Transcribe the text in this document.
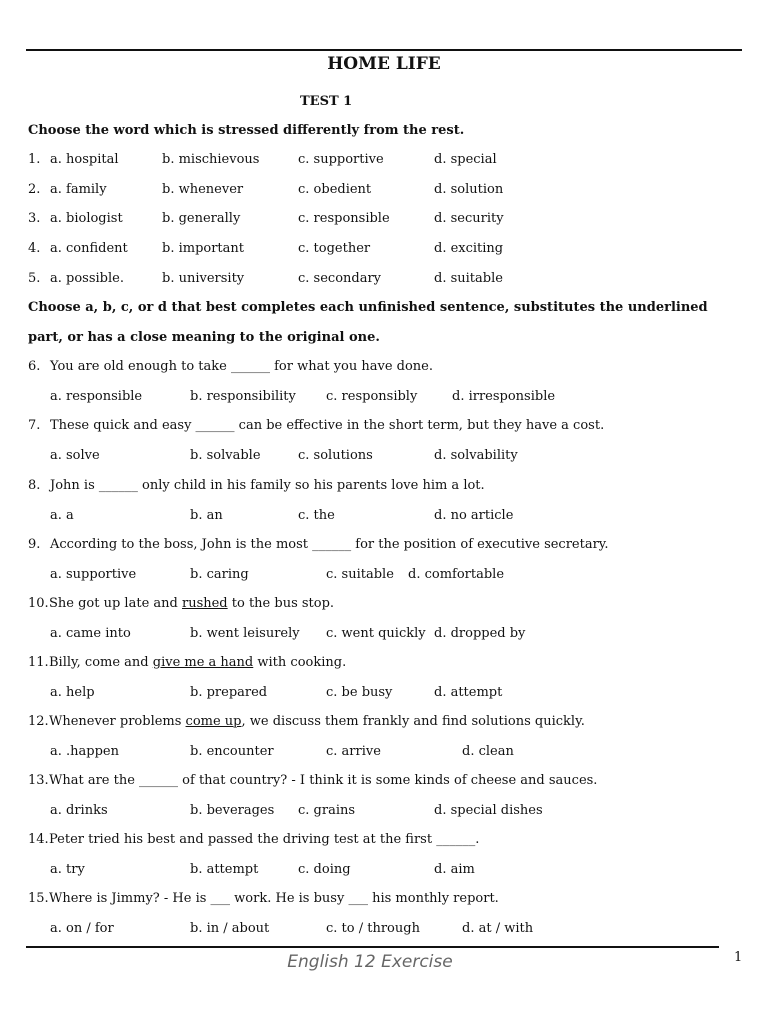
HOME LIFE
TEST 1
Choose the word which is stressed differently from the rest.
1. a. hospital	b. mischievous	c. supportive	d. special
2. a. family	b. whenever	c. obedient	d. solution
3. a. biologist	b. generally	c. responsible	d. security
4. a. confident	b. important	c. together	d. exciting
5. a. possible.	b. university	c. secondary	d. suitable
Choose a, b, c, or d that best completes each unfinished sentence, substitutes the underlined
part, or has a close meaning to the original one.
6. You are old enough to take ______ for what you have done.
a. responsible	b. responsibility c. responsibly	d. irresponsible
7. These quick and easy ______ can be effective in the short term, but they have a cost.
a. solve	b. solvable	c. solutions	d. solvability
8. John is ______ only child in his family so his parents love him a lot.
a. a	b. an	c. the	d. no article
9. According to the boss, John is the most ______ for the position of executive secretary.
a. supportive	b. caring	c. suitable d. comfortable
10. She got up late and rushed to the bus stop.
a. came into	b. went leisurely c. went quickly d. dropped by
11. Billy, come and give me a hand with cooking.
a. help	b. prepared	c. be busy	d. attempt
12. Whenever problems come up, we discuss them frankly and find solutions quickly.
a. .happen	b. encounter	c. arrive	d. clean
13. What are the ______ of that country? - I think it is some kinds of cheese and sauces.
a. drinks	b. beverages c. grains	d. special dishes
14. Peter tried his best and passed the driving test at the first ______.
a. try	b. attempt	c. doing	d. aim
15. Where is Jimmy? - He is ___ work. He is busy ___ his monthly report.
a. on / for	b. in / about	c. to / through	d. at / with
English 12 Exercise	1
